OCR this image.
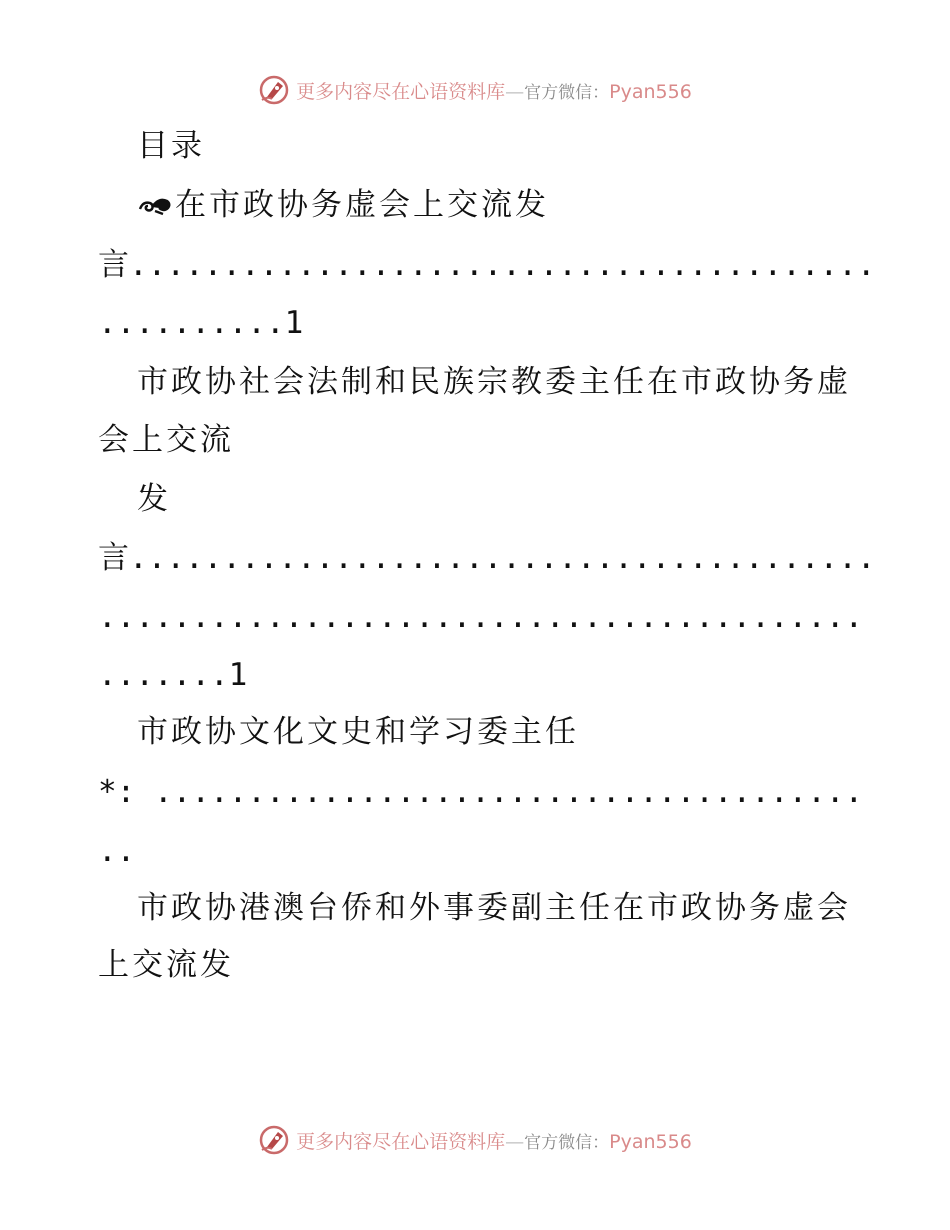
更多内容尽在心语资料库—官方微信：Pyan556
目录
在市政协务虚会上交流发
言........................................
..........1
市政协社会法制和民族宗教委主任在市政协务虚
会上交流
发
言........................................
.........................................
.......1
市政协文化文史和学习委主任
*: ......................................
..
市政协港澳台侨和外事委副主任在市政协务虚会
上交流发
更多内容尽在心语资料库—官方微信：Pyan556
